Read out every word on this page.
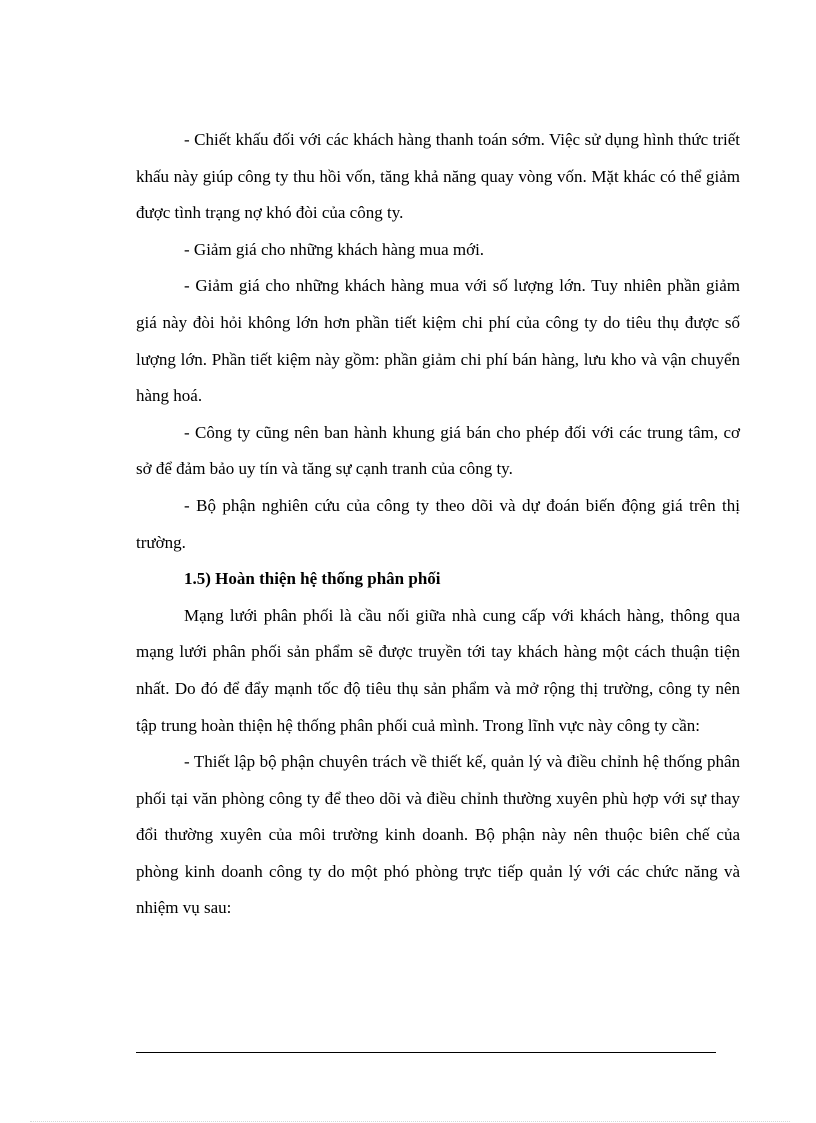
- Chiết khấu đối với các khách hàng thanh toán sớm. Việc sử dụng hình thức triết khấu này giúp công ty thu hồi vốn, tăng khả năng quay vòng vốn. Mặt khác có thể giảm được tình trạng nợ khó đòi của công ty.

- Giảm giá cho những khách hàng mua mới.

- Giảm giá cho những khách hàng mua với số lượng lớn. Tuy nhiên phần giảm giá này đòi hỏi không lớn hơn phần tiết kiệm chi phí của công ty do tiêu thụ được số lượng lớn. Phần tiết kiệm này gồm: phần giảm chi phí bán hàng, lưu kho và vận chuyển hàng hoá.

- Công ty cũng nên ban hành khung giá bán cho phép đối với các trung tâm, cơ sở để đảm bảo uy tín và tăng sự cạnh tranh của công ty.

- Bộ phận nghiên cứu của công ty theo dõi và dự đoán biến động giá trên thị trường.

1.5) Hoàn thiện hệ thống phân phối

Mạng lưới phân phối là cầu nối giữa nhà cung cấp với khách hàng, thông qua mạng lưới phân phối sản phẩm sẽ được truyền tới tay khách hàng một cách thuận tiện nhất. Do đó để đẩy mạnh tốc độ tiêu thụ sản phẩm và mở rộng thị trường, công ty nên tập trung hoàn thiện hệ thống phân phối cuả mình. Trong lĩnh vực này công ty cần:

- Thiết lập bộ phận chuyên trách về thiết kế, quản lý và điều chỉnh hệ thống phân phối tại văn phòng công ty để theo dõi và điều chỉnh thường xuyên phù hợp với sự thay đổi thường xuyên của môi trường kinh doanh. Bộ phận này nên thuộc biên chế của phòng kinh doanh công ty do một phó phòng trực tiếp quản lý với các chức năng và nhiệm vụ sau:
